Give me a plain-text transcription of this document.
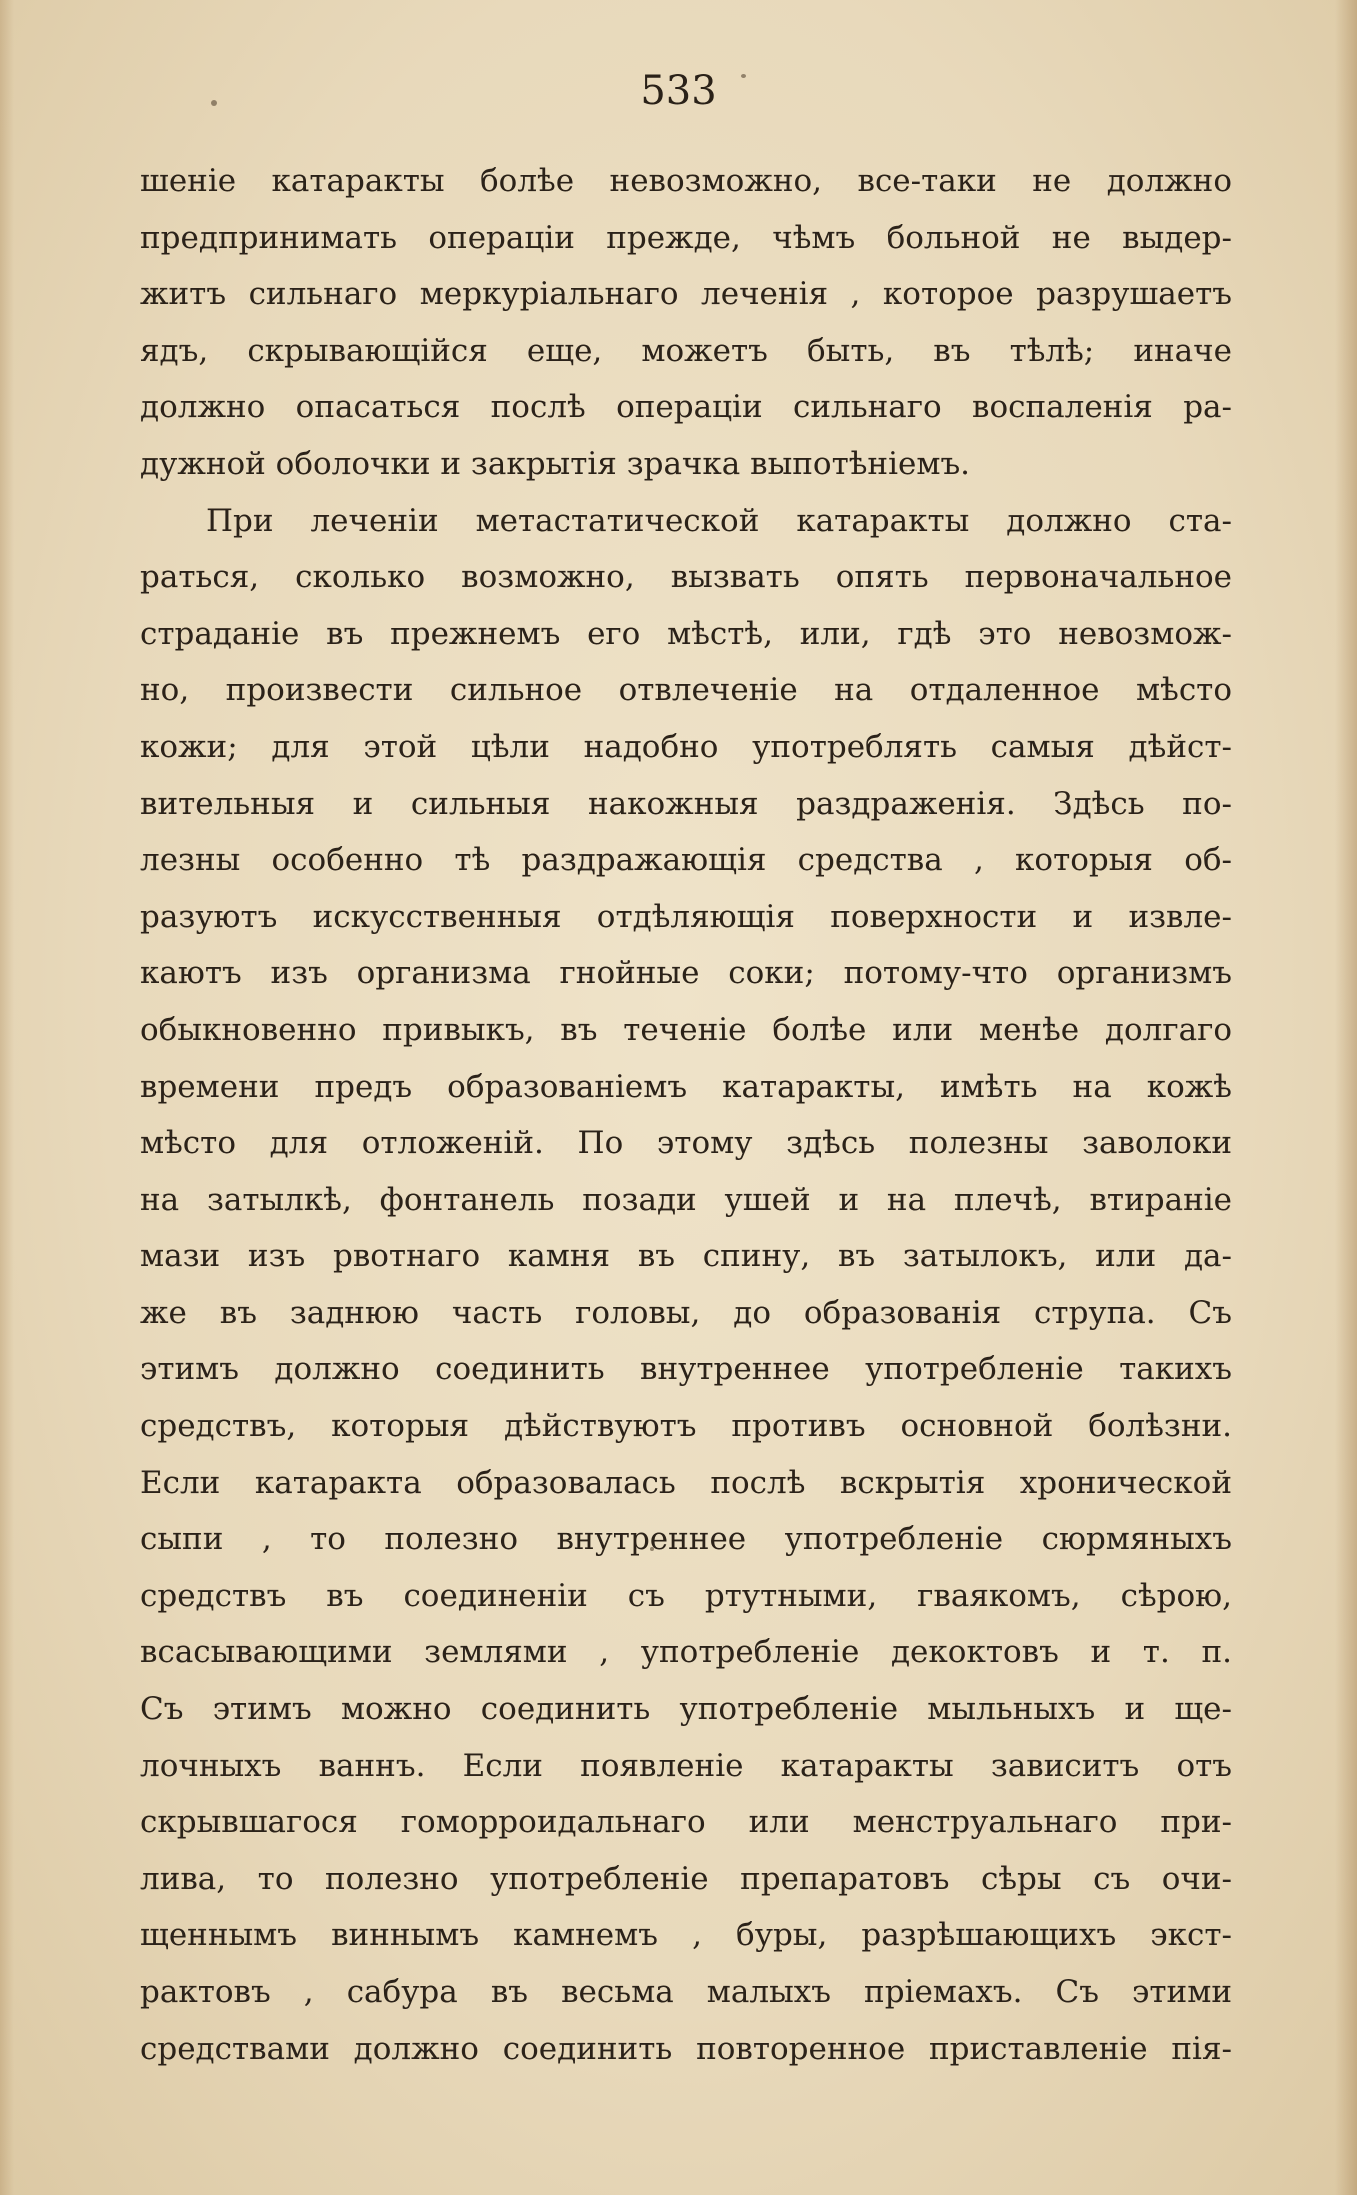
533
шенiе катаракты болѣе невозможно, все-таки не должно
предпринимать операцiи прежде, чѣмъ больной не выдер-
житъ сильнаго меркурiальнаго леченiя , которое разрушаетъ
ядъ, скрывающiйся еще, можетъ быть, въ тѣлѣ; иначе
должно опасаться послѣ операцiи сильнаго воспаленiя ра-
дужной оболочки и закрытiя зрачка выпотѣнiемъ.
При леченiи метастатической катаракты должно ста-
раться, сколько возможно, вызвать опять первоначальное
страданiе въ прежнемъ его мѣстѣ, или, гдѣ это невозмож-
но, произвести сильное отвлеченiе на отдаленное мѣсто
кожи; для этой цѣли надобно употреблять самыя дѣйст-
вительныя и сильныя накожныя раздраженiя. Здѣсь по-
лезны особенно тѣ раздражающiя средства , которыя об-
разуютъ искусственныя отдѣляющiя поверхности и извле-
каютъ изъ организма гнойные соки; потому-что организмъ
обыкновенно привыкъ, въ теченiе болѣе или менѣе долгаго
времени предъ образованiемъ катаракты, имѣть на кожѣ
мѣсто для отложенiй. По этому здѣсь полезны заволоки
на затылкѣ, фонтанель позади ушей и на плечѣ, втиранiе
мази изъ рвотнаго камня въ спину, въ затылокъ, или да-
же въ заднюю часть головы, до образованiя струпа. Съ
этимъ должно соединить внутреннее употребленiе такихъ
средствъ, которыя дѣйствуютъ противъ основной болѣзни.
Если катаракта образовалась послѣ вскрытiя хронической
сыпи , то полезно внутреннее употребленiе сюрмяныхъ
средствъ въ соединенiи съ ртутными, гваякомъ, сѣрою,
всасывающими землями , употребленiе декоктовъ и т. п.
Съ этимъ можно соединить употребленiе мыльныхъ и ще-
лочныхъ ваннъ. Если появленiе катаракты зависитъ отъ
скрывшагося гоморроидальнаго или менструальнаго при-
лива, то полезно употребленiе препаратовъ сѣры съ очи-
щеннымъ виннымъ камнемъ , буры, разрѣшающихъ экст-
рактовъ , сабура въ весьма малыхъ прiемахъ. Съ этими
средствами должно соединить повторенное приставленiе пiя-
